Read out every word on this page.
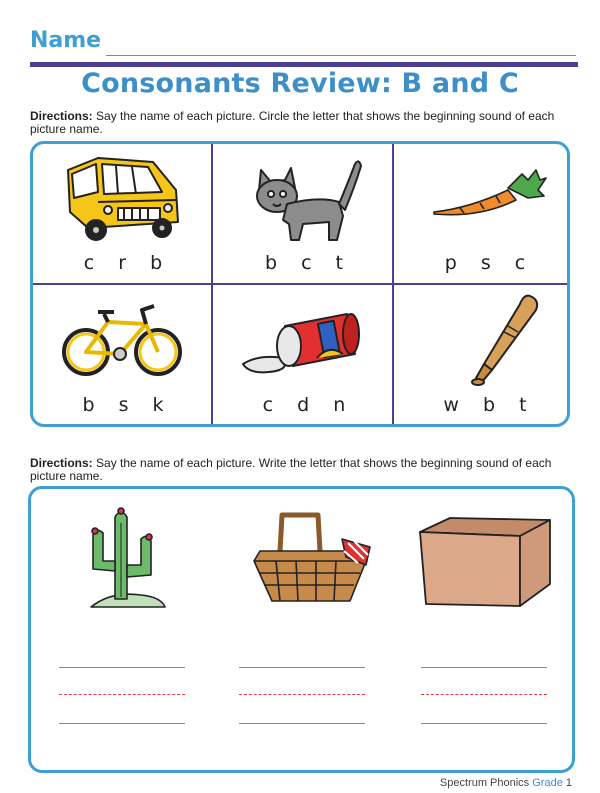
Name
Consonants Review: B and C
Directions: Say the name of each picture. Circle the letter that shows the beginning sound of each picture name.
c r b	b c t	p s c
b s k	c d n	w b t
Directions: Say the name of each picture. Write the letter that shows the beginning sound of each picture name.
Spectrum Phonics Grade 1
